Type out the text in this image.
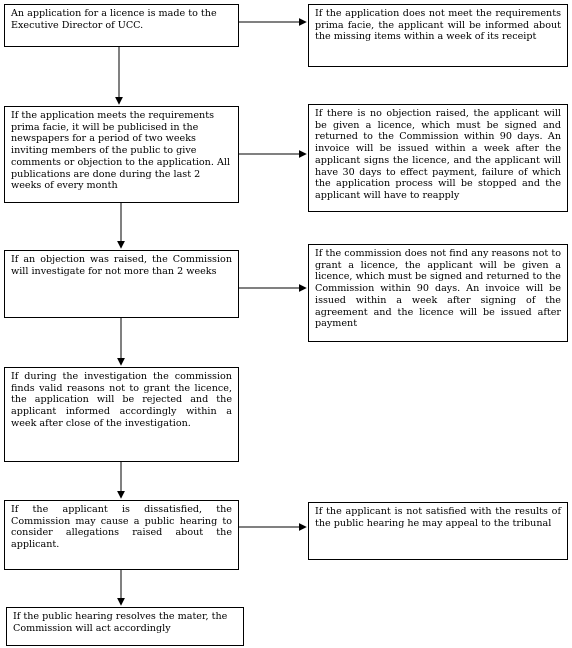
An application for a licence is made to the Executive Director of UCC.
If the application does not meet the requirements prima facie, the applicant will be informed about the missing items within a week of its receipt
If the application meets the requirements prima facie, it will be publicised in the newspapers for a period of two weeks inviting members of the public to give comments or objection to the application. All publications are done during the last 2 weeks of every month
If there is no objection raised, the applicant will be given a licence, which must be signed and returned to the Commission within 90 days. An invoice will be issued within a week after the applicant signs the licence, and the applicant will have 30 days to effect payment, failure of which the application process will be stopped and the applicant will have to reapply
If an objection was raised, the Commission will investigate for not more than 2 weeks
If the commission does not find any reasons not to grant a licence, the applicant will be given a licence, which must be signed and returned to the Commission within 90 days. An invoice will be issued within a week after signing of the agreement and the licence will be issued after payment
If during the investigation the commission finds valid reasons not to grant the licence, the application will be rejected and the applicant informed accordingly within a week after close of the investigation.
If the applicant is dissatisfied, the Commission may cause a public hearing to consider allegations raised about the applicant.
If the applicant is not satisfied with the results of the public hearing he may appeal to the tribunal
If the public hearing resolves the mater, the Commission will act accordingly
